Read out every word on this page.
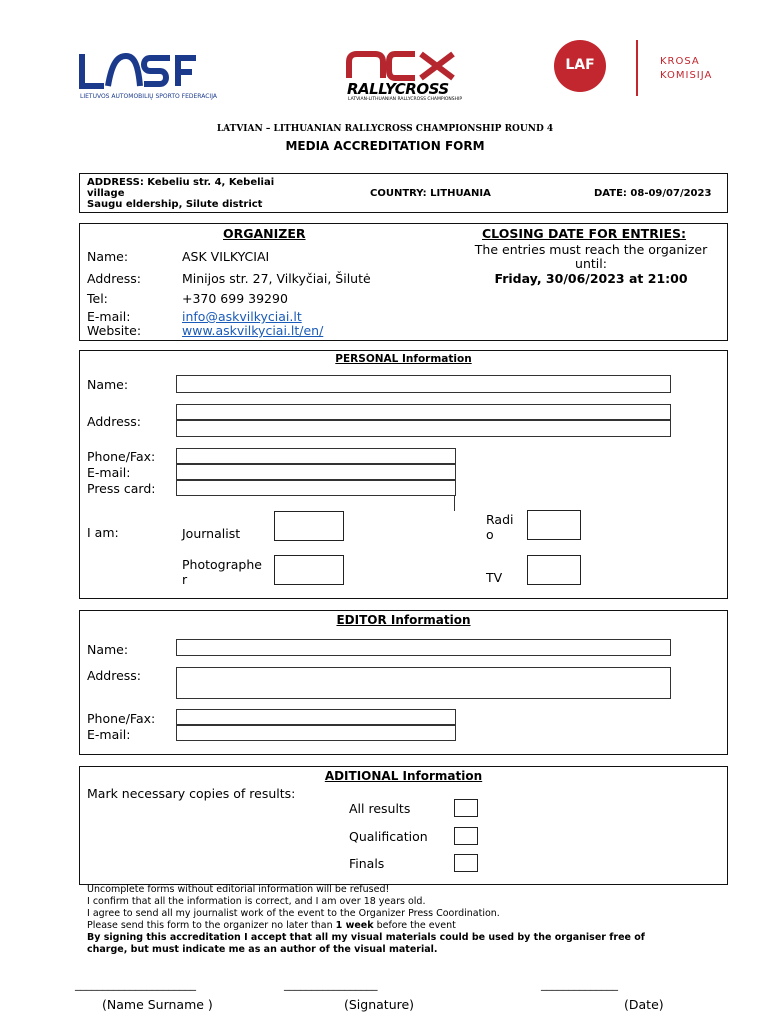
LIETUVOS AUTOMOBILIŲ SPORTO FEDERACIJA	RALLYCROSS
LATVIAN-LITHUANIAN RALLYCROSS CHAMPIONSHIP
LAF	KROSA
KOMISIJA
LATVIAN – LITHUANIAN RALLYCROSS CHAMPIONSHIP ROUND 4
MEDIA ACCREDITATION FORM
ADDRESS: Kebeliu str. 4, Kebeliai
village
Saugu eldership, Silute district
COUNTRY: LITHUANIA	DATE: 08-09/07/2023
ORGANIZER
Name:	ASK VILKYCIAI
Address:	Minijos str. 27, Vilkyčiai, Šilutė
Tel:	+370 699 39290
E-mail:	info@askvilkyciai.lt
Website:	www.askvilkyciai.lt/en/
CLOSING DATE FOR ENTRIES:
The entries must reach the organizer
until:
Friday, 30/06/2023 at 21:00
PERSONAL Information
Name:
Address:
Phone/Fax:
E-mail:
Press card:
I am:	Journalist
Photographe
r
Radi
o
TV
EDITOR Information
Name:
Address:
Phone/Fax:
E-mail:
ADITIONAL Information
Mark necessary copies of results:
All results
Qualification
Finals
Uncomplete forms without editorial information will be refused!
I confirm that all the information is correct, and I am over 18 years old.
I agree to send all my journalist work of the event to the Organizer Press Coordination.
Please send this form to the organizer no later than 1 week before the event
By signing this accreditation I accept that all my visual materials could be used by the organiser free of
charge, but must indicate me as an author of the visual material.
______________________	_________________	______________
(Name Surname )	(Signature)	(Date)
